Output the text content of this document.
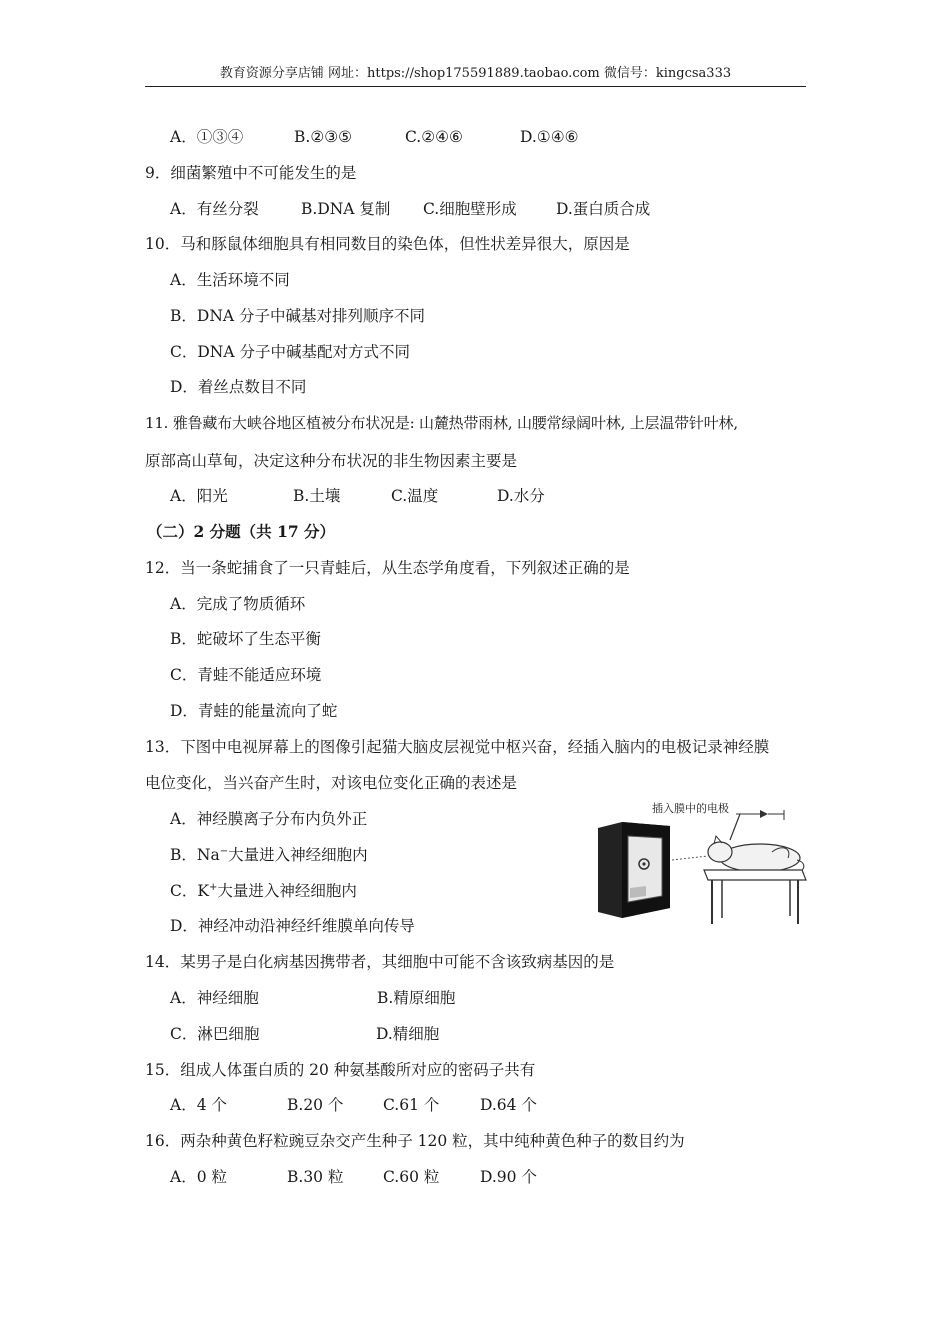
教育资源分享店铺 网址：https://shop175591889.taobao.com 微信号：kingcsa333
A．①③④	B.②③⑤	C.②④⑥	D.①④⑥
9．细菌繁殖中不可能发生的是
A．有丝分裂	B.DNA 复制 C.细胞壁形成	D.蛋白质合成
10．马和豚鼠体细胞具有相同数目的染色体，但性状差异很大，原因是
A．生活环境不同
B．DNA 分子中碱基对排列顺序不同
C．DNA 分子中碱基配对方式不同
D．着丝点数目不同
11. 雅鲁藏布大峡谷地区植被分布状况是: 山麓热带雨林, 山腰常绿阔叶林, 上层温带针叶林,
原部高山草甸，决定这种分布状况的非生物因素主要是
A．阳光	B.土壤	C.温度	D.水分
（二）2 分题（共 17 分）
12．当一条蛇捕食了一只青蛙后，从生态学角度看，下列叙述正确的是
A．完成了物质循环
B．蛇破坏了生态平衡
C．青蛙不能适应环境
D．青蛙的能量流向了蛇
13．下图中电视屏幕上的图像引起猫大脑皮层视觉中枢兴奋，经插入脑内的电极记录神经膜
电位变化，当兴奋产生时，对该电位变化正确的表述是
A．神经膜离子分布内负外正
B．Na−大量进入神经细胞内
C．K+大量进入神经细胞内
D．神经冲动沿神经纤维膜单向传导
插入膜中的电极
14．某男子是白化病基因携带者，其细胞中可能不含该致病基因的是
A．神经细胞	B.精原细胞
C．淋巴细胞	D.精细胞
15．组成人体蛋白质的 20 种氨基酸所对应的密码子共有
A．4 个	B.20 个	C.61 个	D.64 个
16．两杂种黄色籽粒豌豆杂交产生种子 120 粒，其中纯种黄色种子的数目约为
A．0 粒	B.30 粒	C.60 粒	D.90 个
